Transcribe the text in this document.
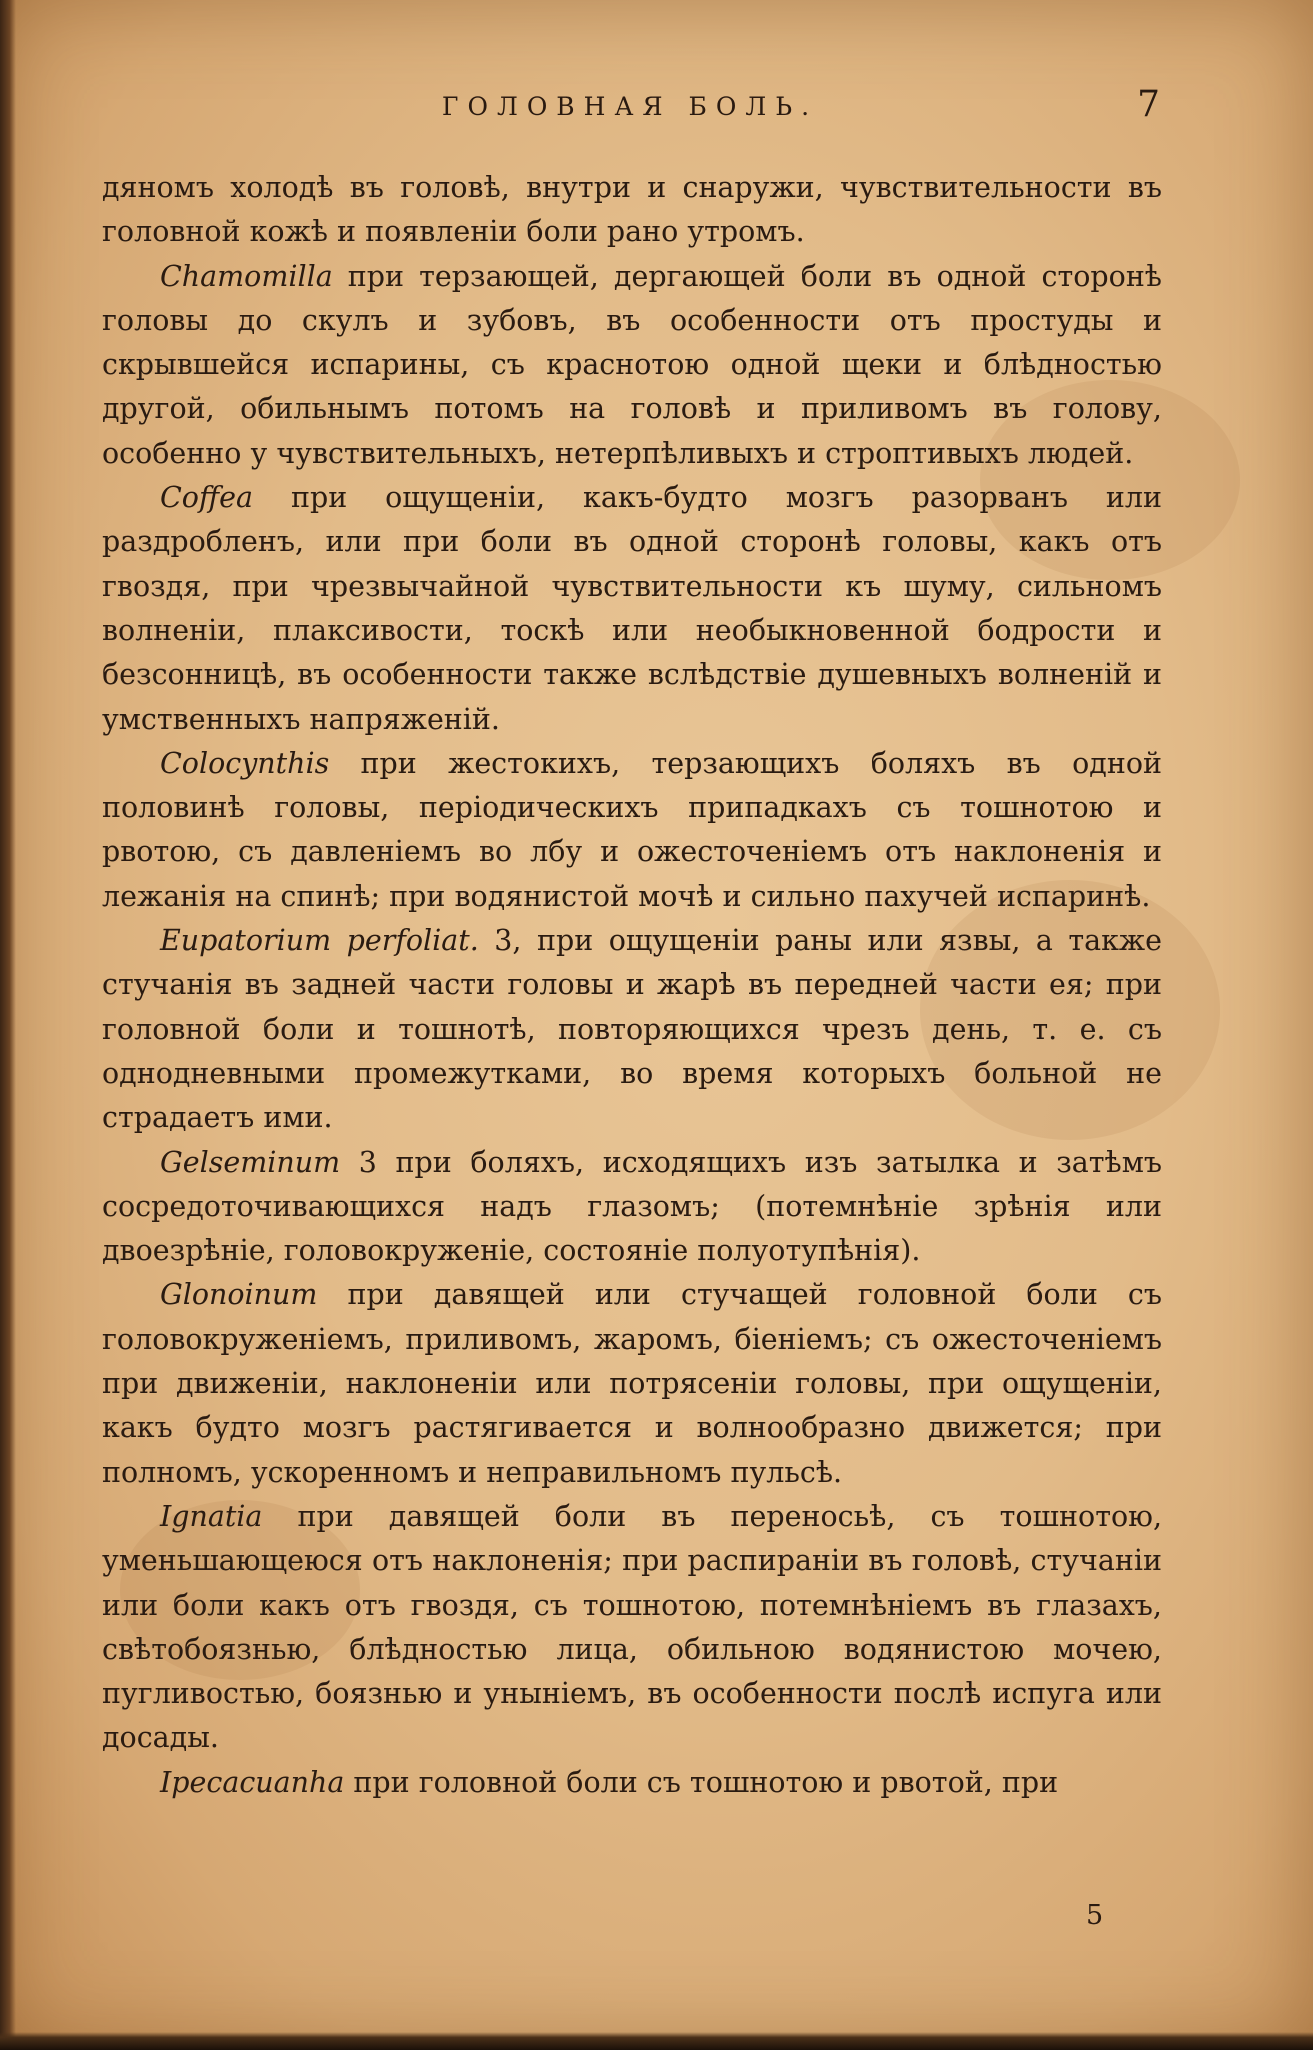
ГОЛОВНАЯ БОЛЬ.	7

дяномъ холодѣ въ головѣ, внутри и снаружи, чувствительности въ головной кожѣ и появленіи боли рано утромъ.

Chamomilla при терзающей, дергающей боли въ одной сторонѣ головы до скулъ и зубовъ, въ особенности отъ простуды и скрывшейся испарины, съ краснотою одной щеки и блѣдностью другой, обильнымъ потомъ на головѣ и приливомъ въ голову, особенно у чувствительныхъ, нетерпѣливыхъ и строптивыхъ людей.

Coffea при ощущеніи, какъ-будто мозгъ разорванъ или раздробленъ, или при боли въ одной сторонѣ головы, какъ отъ гвоздя, при чрезвычайной чувствительности къ шуму, сильномъ волненіи, плаксивости, тоскѣ или необыкновенной бодрости и безсонницѣ, въ особенности также вслѣдствіе душевныхъ волненій и умственныхъ напряженій.

Colocynthis при жестокихъ, терзающихъ боляхъ въ одной половинѣ головы, періодическихъ припадкахъ съ тошнотою и рвотою, съ давленіемъ во лбу и ожесточеніемъ отъ наклоненія и лежанія на спинѣ; при водянистой мочѣ и сильно пахучей испаринѣ.

Eupatorium perfoliat. 3, при ощущеніи раны или язвы, а также стучанія въ задней части головы и жарѣ въ передней части ея; при головной боли и тошнотѣ, повторяющихся чрезъ день, т. е. съ однодневными промежутками, во время которыхъ больной не страдаетъ ими.

Gelseminum 3 при боляхъ, исходящихъ изъ затылка и затѣмъ сосредоточивающихся надъ глазомъ; (потемнѣніе зрѣнія или двоезрѣніе, головокруженіе, состояніе полуотупѣнія).

Glonoinum при давящей или стучащей головной боли съ головокруженіемъ, приливомъ, жаромъ, біеніемъ; съ ожесточеніемъ при движеніи, наклоненіи или потрясеніи головы, при ощущеніи, какъ будто мозгъ растягивается и волнообразно движется; при полномъ, ускоренномъ и неправильномъ пульсѣ.

Ignatia при давящей боли въ переносьѣ, съ тошнотою, уменьшающеюся отъ наклоненія; при распираніи въ головѣ, стучаніи или боли какъ отъ гвоздя, съ тошнотою, потемнѣніемъ въ глазахъ, свѣтобоязнью, блѣдностью лица, обильною водянистою мочею, пугливостью, боязнью и уныніемъ, въ особенности послѣ испуга или досады.

Ipecacuanha при головной боли съ тошнотою и рвотой, при

5
